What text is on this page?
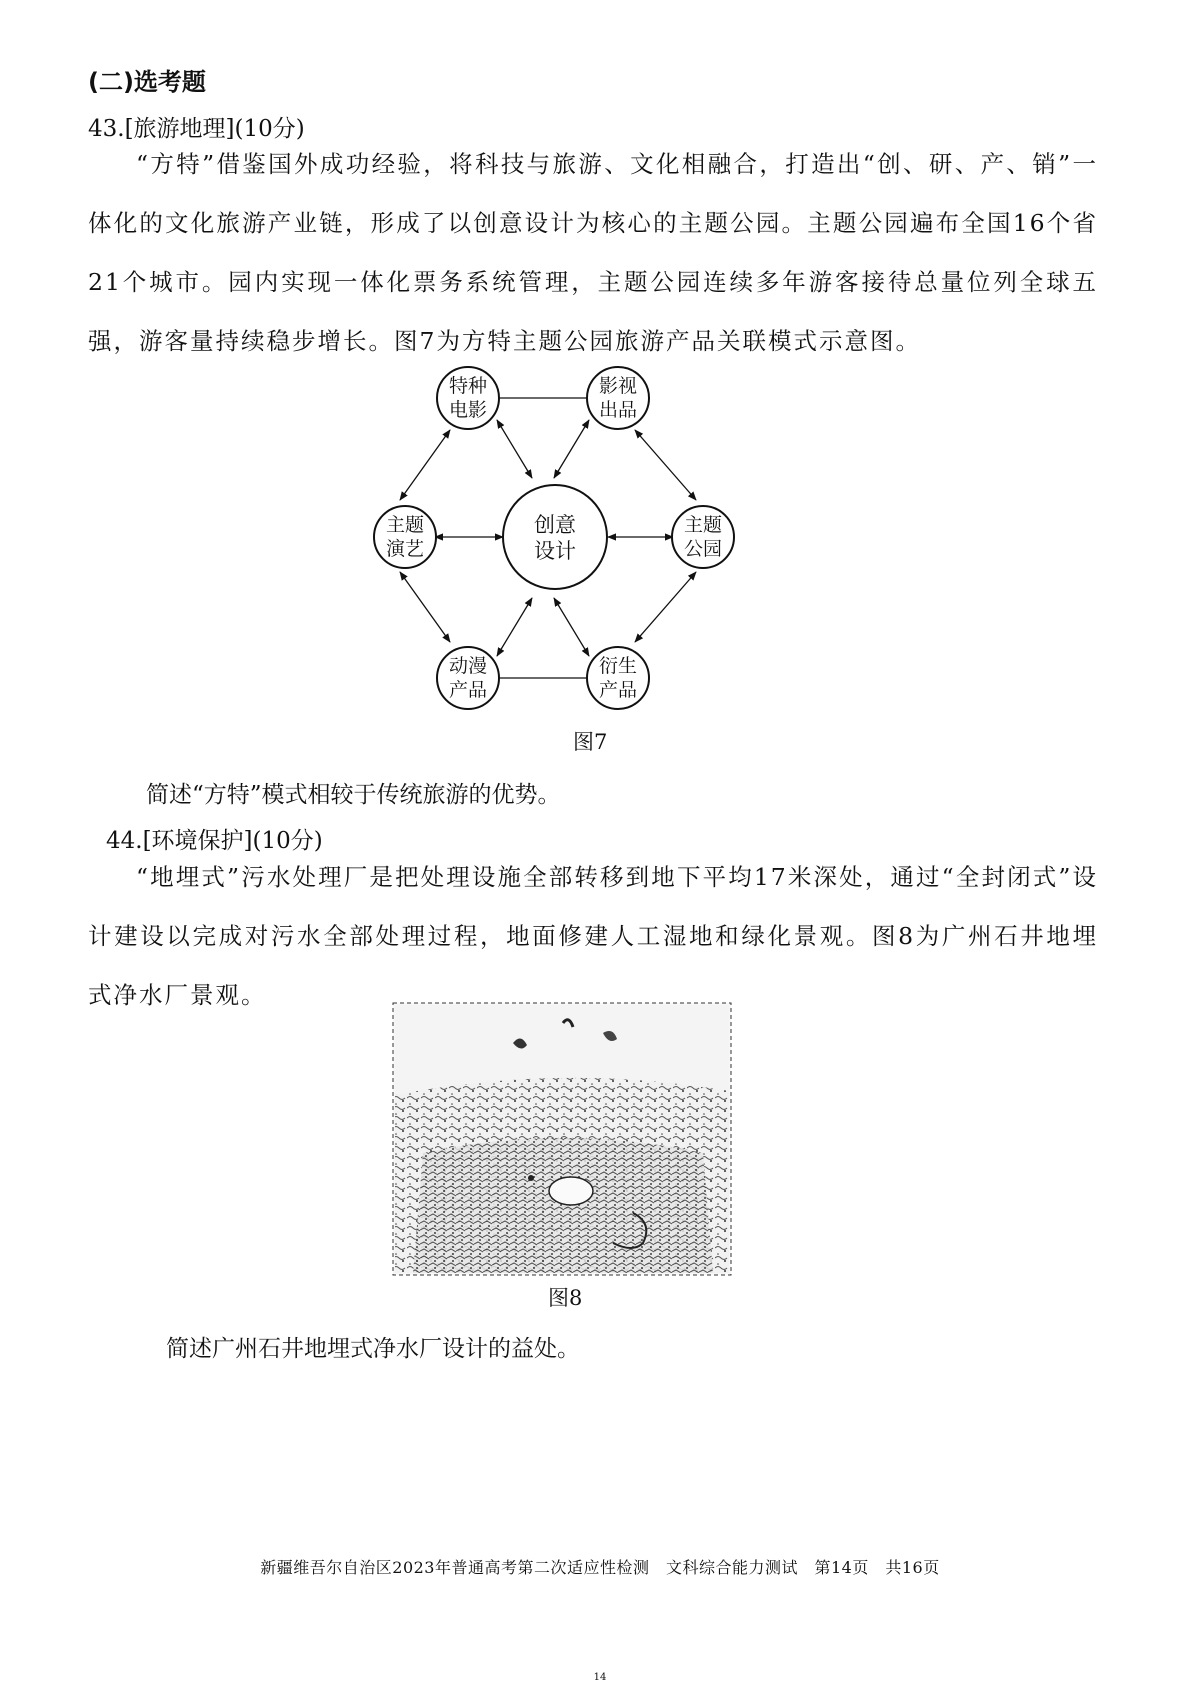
(二)选考题
43.[旅游地理](10分)
“方特”借鉴国外成功经验，将科技与旅游、文化相融合，打造出“创、研、产、销”一体化的文化旅游产业链，形成了以创意设计为核心的主题公园。主题公园遍布全国16个省21个城市。园内实现一体化票务系统管理，主题公园连续多年游客接待总量位列全球五强，游客量持续稳步增长。图7为方特主题公园旅游产品关联模式示意图。
特种
电影
影视
出品
主题
演艺
主题
公园
动漫
产品
衍生
产品
创意
设计
图7
简述“方特”模式相较于传统旅游的优势。
44.[环境保护](10分)
“地埋式”污水处理厂是把处理设施全部转移到地下平均17米深处，通过“全封闭式”设计建设以完成对污水全部处理过程，地面修建人工湿地和绿化景观。图8为广州石井地埋式净水厂景观。
图8
简述广州石井地埋式净水厂设计的益处。
新疆维吾尔自治区2023年普通高考第二次适应性检测　文科综合能力测试　第14页　共16页
14
